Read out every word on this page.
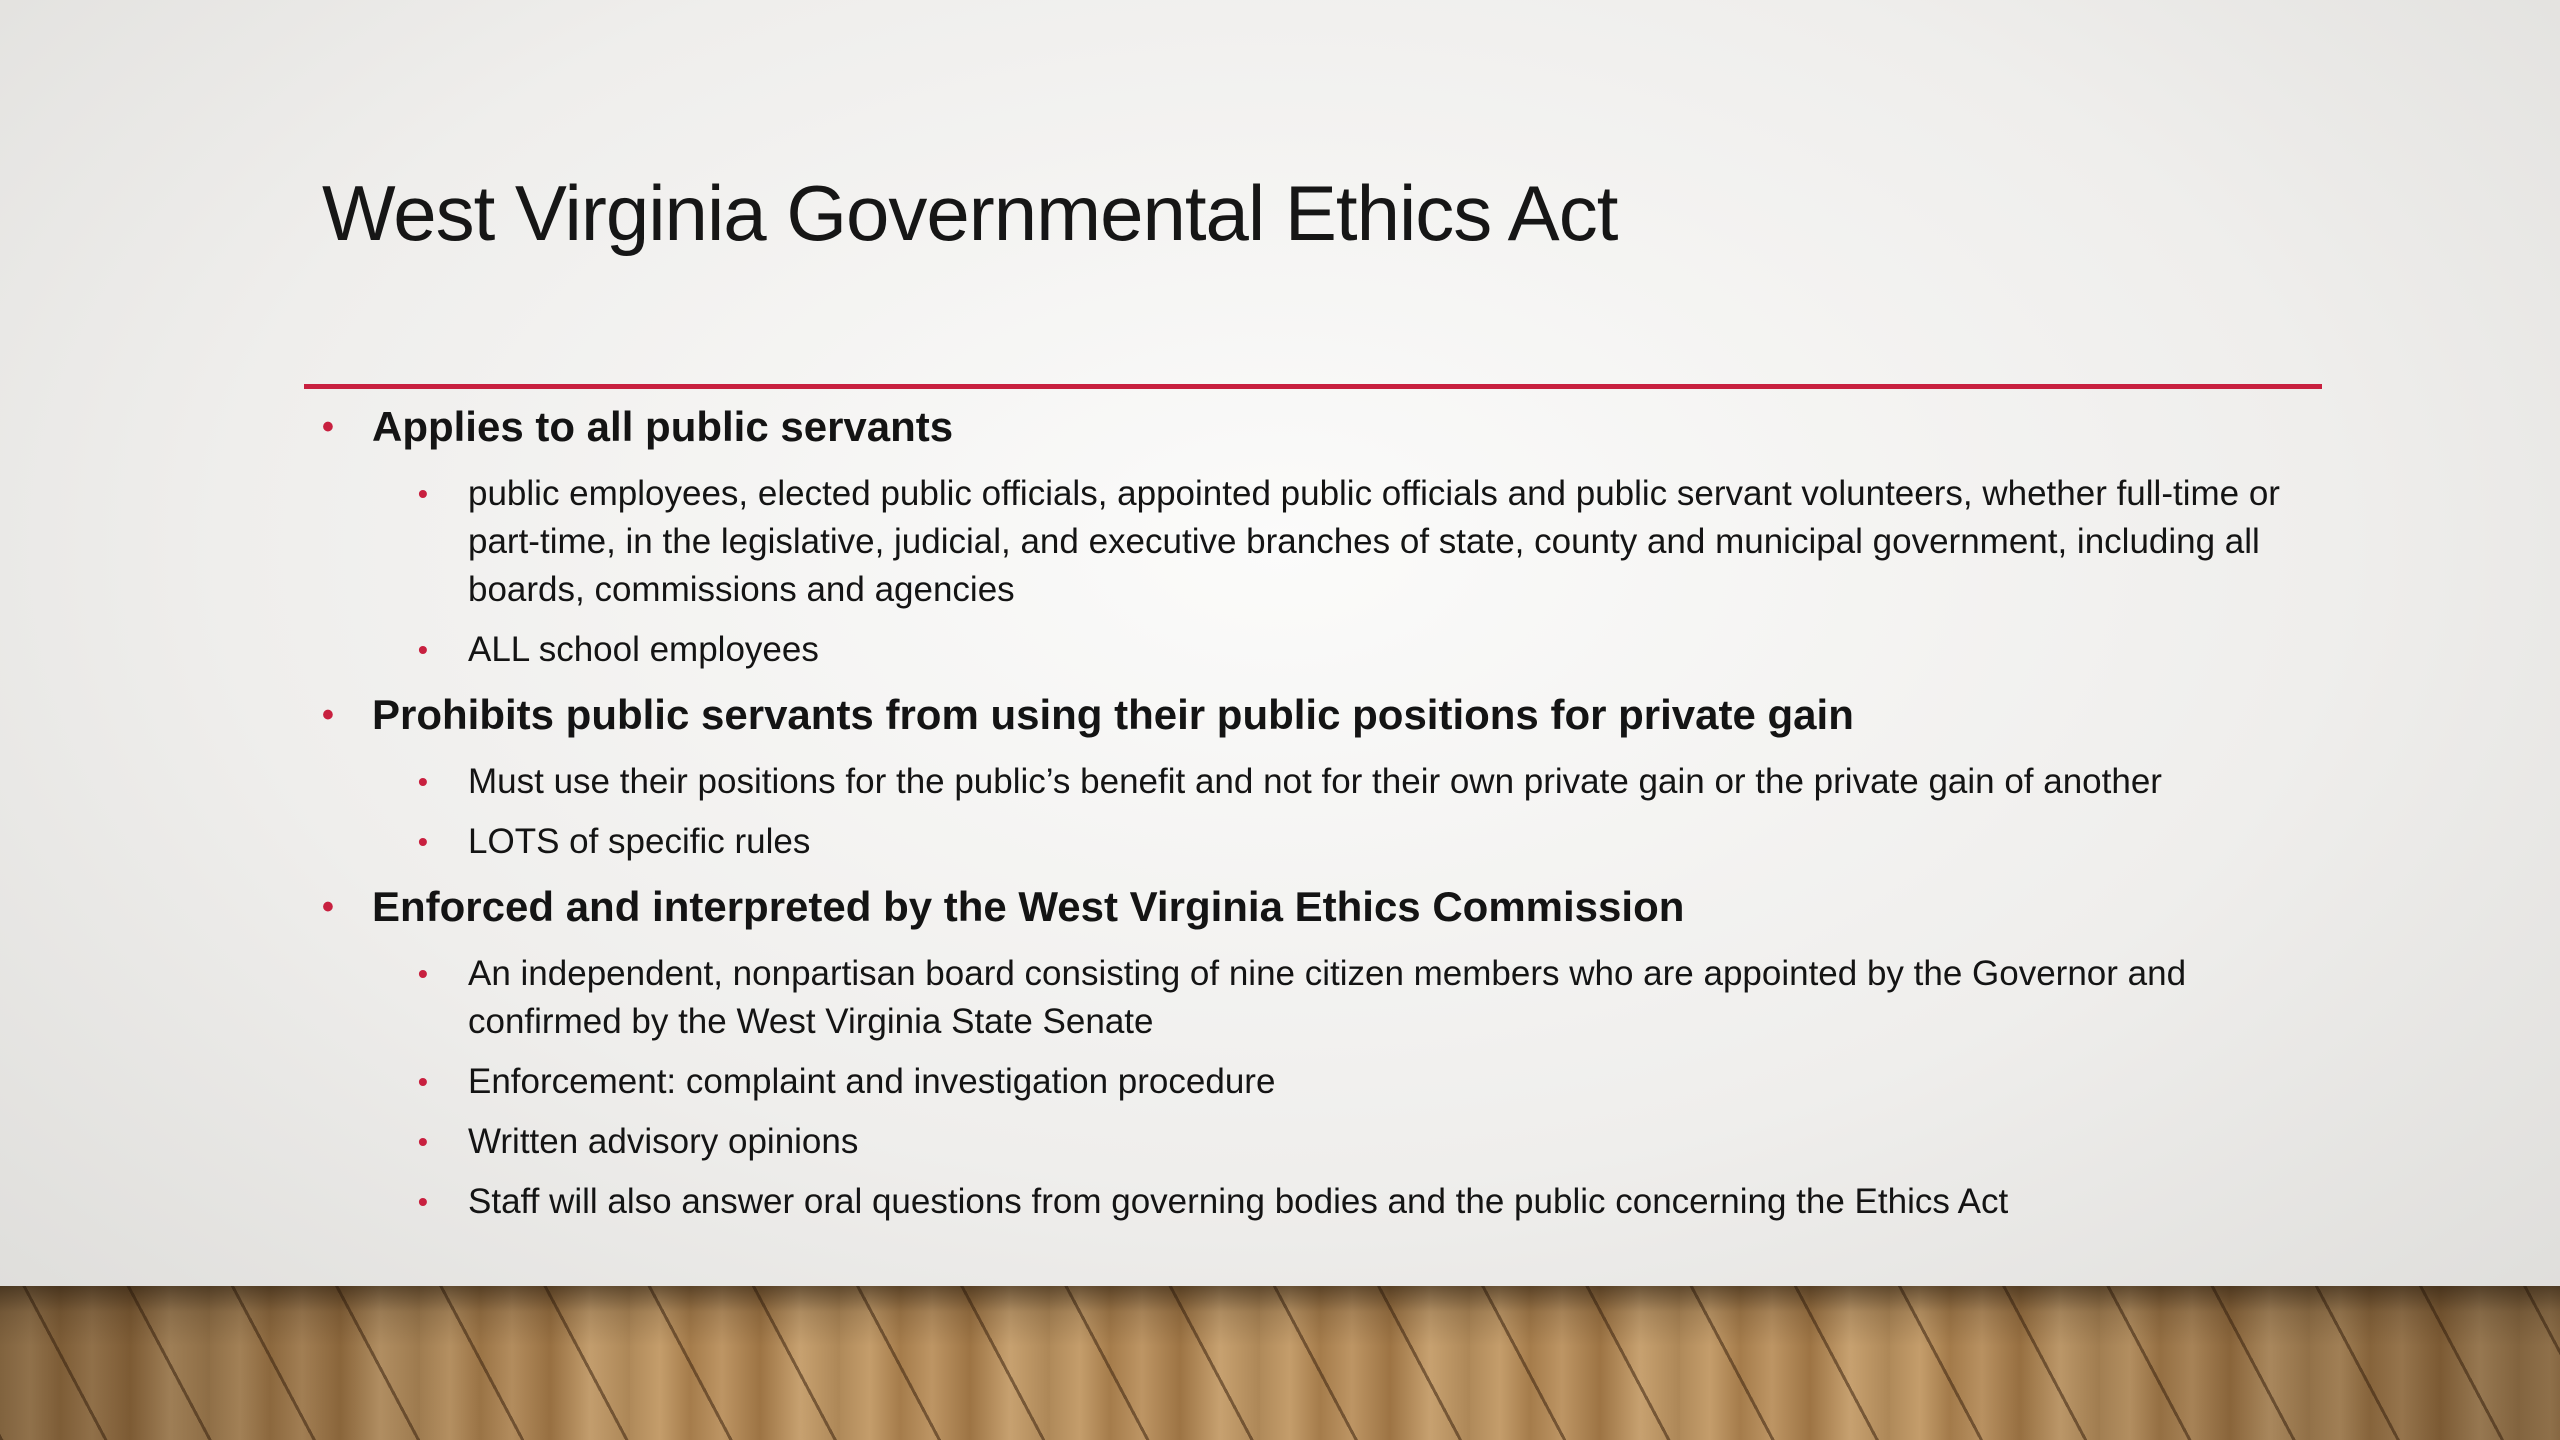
West Virginia Governmental Ethics Act
• Applies to all public servants
• public employees, elected public officials, appointed public officials and public servant volunteers, whether full-time or part-time, in the legislative, judicial, and executive branches of state, county and municipal government, including all boards, commissions and agencies
• ALL school employees
• Prohibits public servants from using their public positions for private gain
• Must use their positions for the public’s benefit and not for their own private gain or the private gain of another
• LOTS of specific rules
• Enforced and interpreted by the West Virginia Ethics Commission
• An independent, nonpartisan board consisting of nine citizen members who are appointed by the Governor and confirmed by the West Virginia State Senate
• Enforcement: complaint and investigation procedure
• Written advisory opinions
• Staff will also answer oral questions from governing bodies and the public concerning the Ethics Act
